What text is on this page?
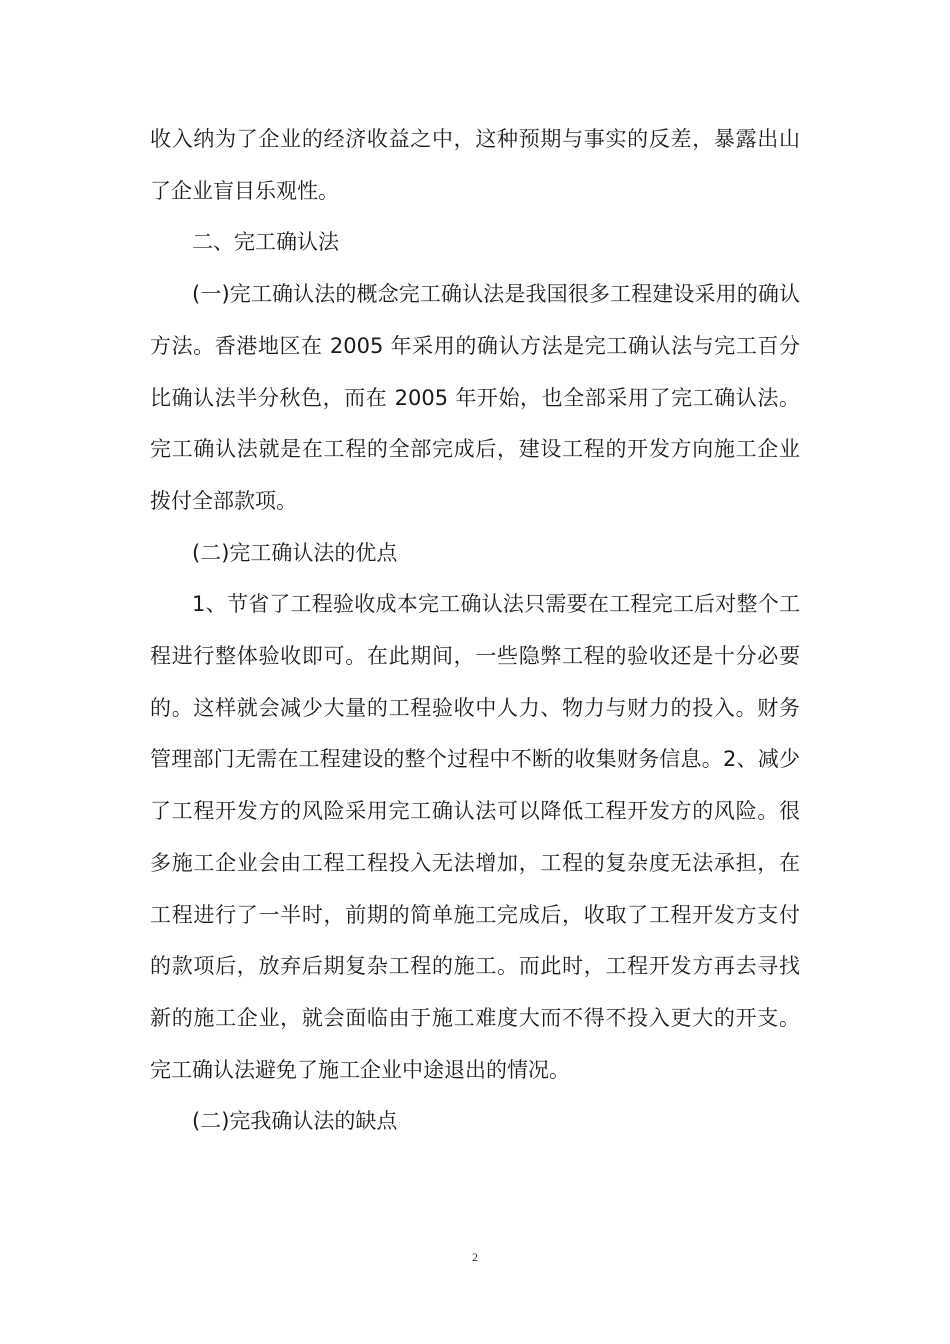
收入纳为了企业的经济收益之中，这种预期与事实的反差，暴露出山了企业盲目乐观性。

二、完工确认法

(一)完工确认法的概念完工确认法是我国很多工程建设采用的确认方法。香港地区在 2005 年采用的确认方法是完工确认法与完工百分比确认法半分秋色，而在 2005 年开始，也全部采用了完工确认法。完工确认法就是在工程的全部完成后，建设工程的开发方向施工企业拨付全部款项。

(二)完工确认法的优点

1、节省了工程验收成本完工确认法只需要在工程完工后对整个工程进行整体验收即可。在此期间，一些隐弊工程的验收还是十分必要的。这样就会减少大量的工程验收中人力、物力与财力的投入。财务管理部门无需在工程建设的整个过程中不断的收集财务信息。2、减少了工程开发方的风险采用完工确认法可以降低工程开发方的风险。很多施工企业会由工程工程投入无法增加，工程的复杂度无法承担，在工程进行了一半时，前期的简单施工完成后，收取了工程开发方支付的款项后，放弃后期复杂工程的施工。而此时，工程开发方再去寻找新的施工企业，就会面临由于施工难度大而不得不投入更大的开支。完工确认法避免了施工企业中途退出的情况。

(二)完我确认法的缺点

2
